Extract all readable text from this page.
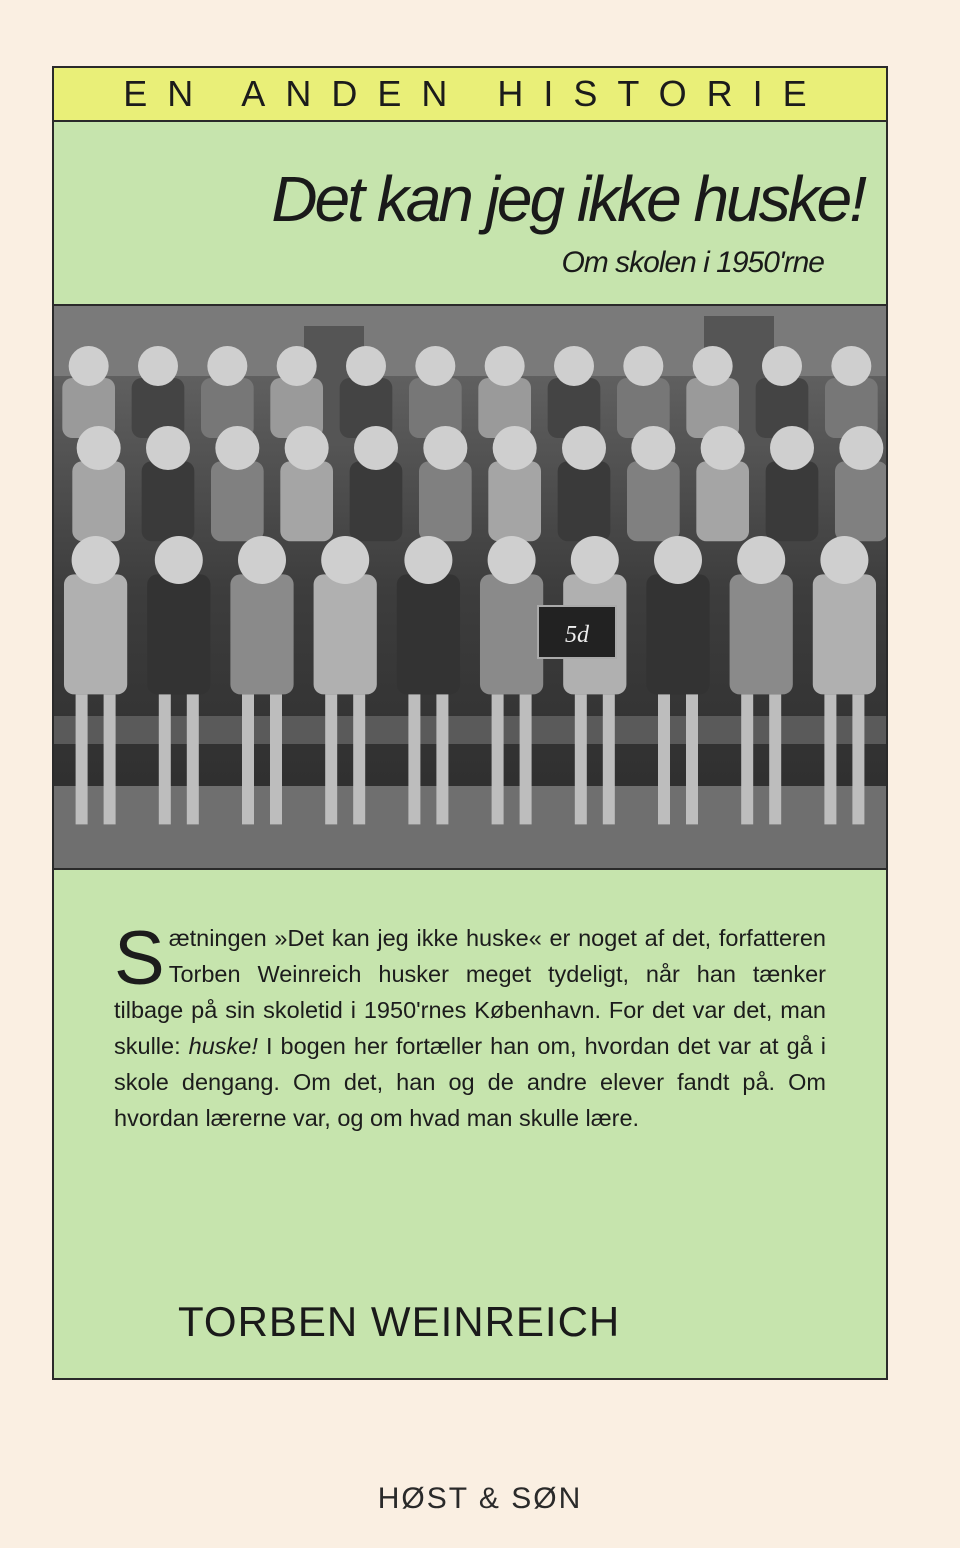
EN ANDEN HISTORIE
Det kan jeg ikke huske!
Om skolen i 1950'rne
5d
Sætningen »Det kan jeg ikke huske« er noget af det, forfatteren Torben Weinreich husker meget tydeligt, når han tænker tilbage på sin skoletid i 1950'rnes København. For det var det, man skulle: huske! I bogen her fortæller han om, hvordan det var at gå i skole dengang. Om det, han og de andre elever fandt på. Om hvordan lærerne var, og om hvad man skulle lære.
TORBEN WEINREICH
HØST & SØN
